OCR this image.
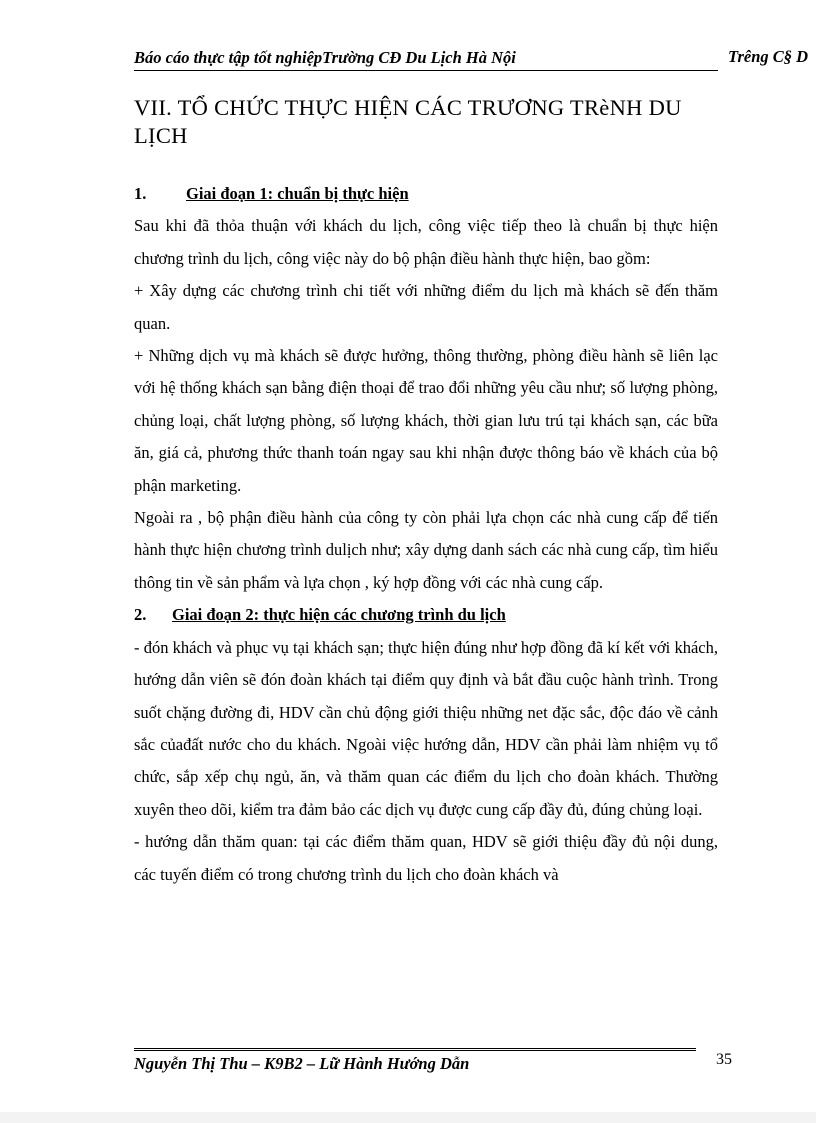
Báo cáo thực tập tốt nghiệpTrường CĐ Du Lịch Hà Nội	Trêng C§ D
VII. TỔ CHỨC THỰC HIỆN CÁC TRƯƠNG TRèNH DU LỊCH
1.	Giai đoạn 1: chuẩn bị thực hiện

Sau khi đã thỏa thuận với khách du lịch, công việc tiếp theo là chuẩn bị thực hiện chương trình du lịch, công việc này do bộ phận điều hành thực hiện, bao gồm:

+ Xây dựng các chương trình chi tiết với những điểm du lịch mà khách sẽ đến thăm quan.

+ Những dịch vụ mà khách sẽ được hưởng, thông thường, phòng điều hành sẽ liên lạc với hệ thống khách sạn bằng điện thoại để trao đổi những yêu cầu như; số lượng phòng, chủng loại, chất lượng phòng, số lượng khách, thời gian lưu trú tại khách sạn, các bữa ăn, giá cả, phương thức thanh toán ngay sau khi nhận được thông báo về khách của bộ phận marketing.

Ngoài ra , bộ phận điều hành của công ty còn phải lựa chọn các nhà cung cấp để tiến hành thực hiện chương trình dulịch như; xây dựng danh sách các nhà cung cấp, tìm hiểu thông tin về sản phẩm và lựa chọn , ký hợp đồng với các nhà cung cấp.

2.	Giai đoạn 2: thực hiện các chương trình du lịch

- đón khách và phục vụ tại khách sạn; thực hiện đúng như hợp đồng đã kí kết với khách, hướng dẫn viên sẽ đón đoàn khách tại điểm quy định và bắt đầu cuộc hành trình. Trong suốt chặng đường đi, HDV cần chủ động giới thiệu những net đặc sắc, độc đáo về cảnh sắc củađất nước cho du khách. Ngoài việc hướng dẫn, HDV cần phải làm nhiệm vụ tổ chức, sắp xếp chụ ngủ, ăn, và thăm quan các điểm du lịch cho đoàn khách. Thường xuyên theo dõi, kiểm tra đảm bảo các dịch vụ được cung cấp đầy đủ, đúng chủng loại.

- hướng dẫn thăm quan: tại các điểm thăm quan, HDV sẽ giới thiệu đầy đủ nội dung, các tuyến điểm có trong chương trình du lịch cho đoàn khách và

Nguyễn Thị Thu – K9B2 – Lữ Hành Hướng Dẫn	35
